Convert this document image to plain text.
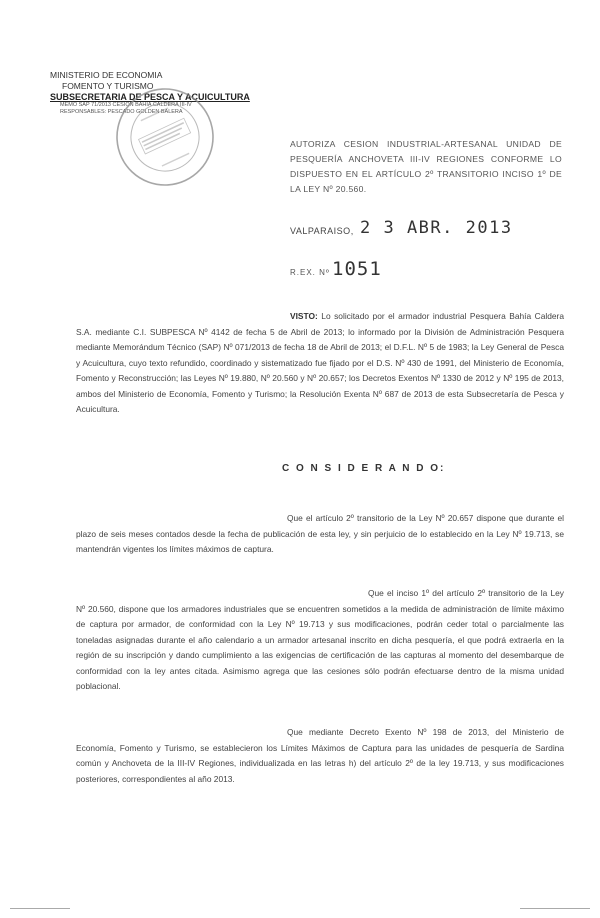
MINISTERIO DE ECONOMIA
FOMENTO Y TURISMO
SUBSECRETARIA DE PESCA Y ACUICULTURA
MEMO SAP 71/2013 CESION BAHIA CALDERA III-IV
RESPONSABLES: PESCADO GOLDEN BALERA
AUTORIZA CESION INDUSTRIAL-ARTESANAL UNIDAD DE PESQUERÍA ANCHOVETA III-IV REGIONES CONFORME LO DISPUESTO EN EL ARTÍCULO 2º TRANSITORIO INCISO 1º DE LA LEY Nº 20.560.
VALPARAISO, 2 3 ABR. 2013
R.EX. Nº 1051
VISTO: Lo solicitado por el armador industrial Pesquera Bahía Caldera S.A. mediante C.I. SUBPESCA Nº 4142 de fecha 5 de Abril de 2013; lo informado por la División de Administración Pesquera mediante Memorándum Técnico (SAP) Nº 071/2013 de fecha 18 de Abril de 2013; el D.F.L. Nº 5 de 1983; la Ley General de Pesca y Acuicultura, cuyo texto refundido, coordinado y sistematizado fue fijado por el D.S. Nº 430 de 1991, del Ministerio de Economía, Fomento y Reconstrucción; las Leyes Nº 19.880, Nº 20.560 y Nº 20.657; los Decretos Exentos Nº 1330 de 2012 y Nº 195 de 2013, ambos del Ministerio de Economía, Fomento y Turismo; la Resolución Exenta Nº 687 de 2013 de esta Subsecretaría de Pesca y Acuicultura.
C O N S I D E R A N D O:
Que el artículo 2º transitorio de la Ley Nº 20.657 dispone que durante el plazo de seis meses contados desde la fecha de publicación de esta ley, y sin perjuicio de lo establecido en la Ley Nº 19.713, se mantendrán vigentes los límites máximos de captura.
Que el inciso 1º del artículo 2º transitorio de la Ley Nº 20.560, dispone que los armadores industriales que se encuentren sometidos a la medida de administración de límite máximo de captura por armador, de conformidad con la Ley Nº 19.713 y sus modificaciones, podrán ceder total o parcialmente las toneladas asignadas durante el año calendario a un armador artesanal inscrito en dicha pesquería, el que podrá extraerla en la región de su inscripción y dando cumplimiento a las exigencias de certificación de las capturas al momento del desembarque de conformidad con la ley antes citada. Asimismo agrega que las cesiones sólo podrán efectuarse dentro de la misma unidad poblacional.
Que mediante Decreto Exento Nº 198 de 2013, del Ministerio de Economía, Fomento y Turismo, se establecieron los Límites Máximos de Captura para las unidades de pesquería de Sardina común y Anchoveta de la III-IV Regiones, individualizada en las letras h) del artículo 2º de la ley 19.713, y sus modificaciones posteriores, correspondientes al año 2013.
